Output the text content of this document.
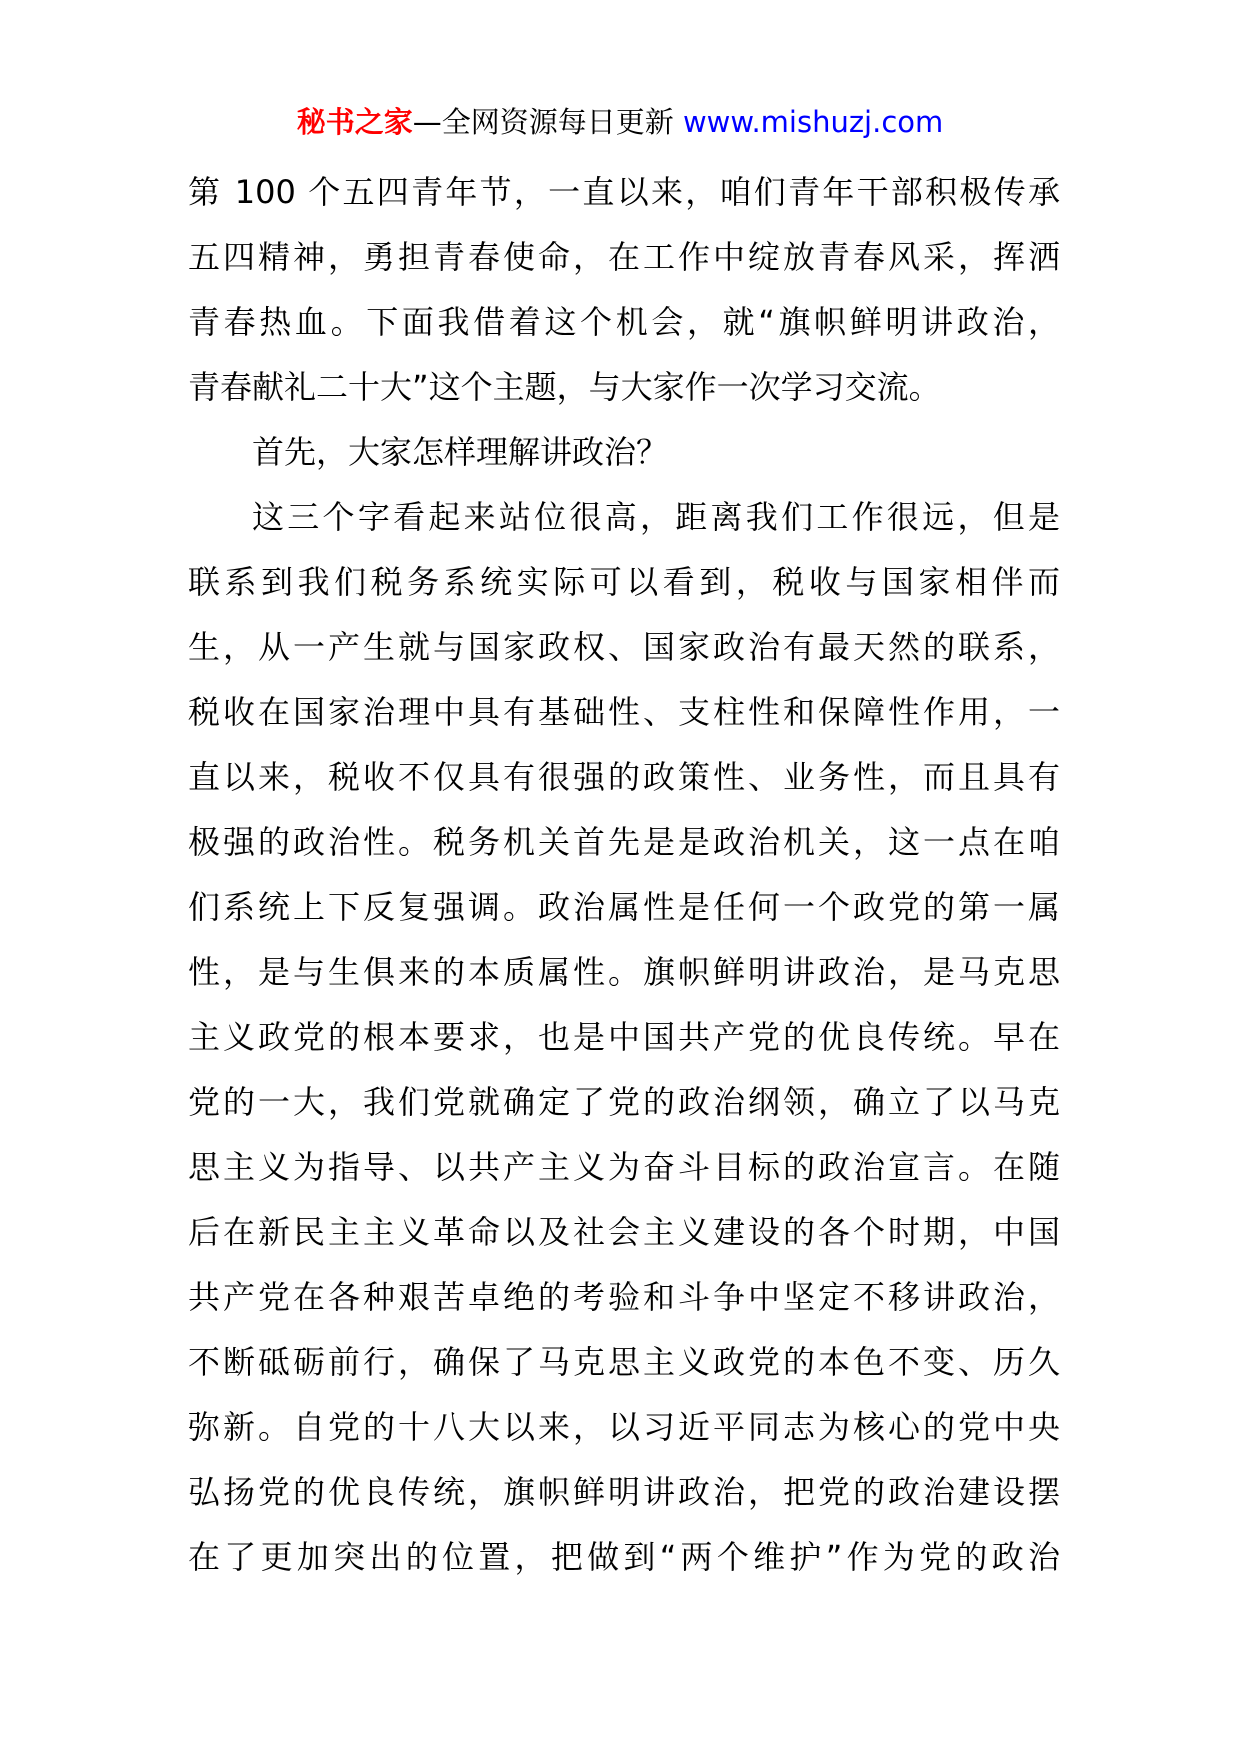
秘书之家—全网资源每日更新 www.mishuzj.com
第 100 个五四青年节，一直以来，咱们青年干部积极传承
五四精神，勇担青春使命，在工作中绽放青春风采，挥洒
青春热血。下面我借着这个机会，就“旗帜鲜明讲政治，
青春献礼二十大”这个主题，与大家作一次学习交流。
首先，大家怎样理解讲政治？
这三个字看起来站位很高，距离我们工作很远，但是
联系到我们税务系统实际可以看到，税收与国家相伴而
生，从一产生就与国家政权、国家政治有最天然的联系，
税收在国家治理中具有基础性、支柱性和保障性作用，一
直以来，税收不仅具有很强的政策性、业务性，而且具有
极强的政治性。税务机关首先是是政治机关，这一点在咱
们系统上下反复强调。政治属性是任何一个政党的第一属
性，是与生俱来的本质属性。旗帜鲜明讲政治，是马克思
主义政党的根本要求，也是中国共产党的优良传统。早在
党的一大，我们党就确定了党的政治纲领，确立了以马克
思主义为指导、以共产主义为奋斗目标的政治宣言。在随
后在新民主主义革命以及社会主义建设的各个时期，中国
共产党在各种艰苦卓绝的考验和斗争中坚定不移讲政治，
不断砥砺前行，确保了马克思主义政党的本色不变、历久
弥新。自党的十八大以来，以习近平同志为核心的党中央
弘扬党的优良传统，旗帜鲜明讲政治，把党的政治建设摆
在了更加突出的位置，把做到“两个维护”作为党的政治
